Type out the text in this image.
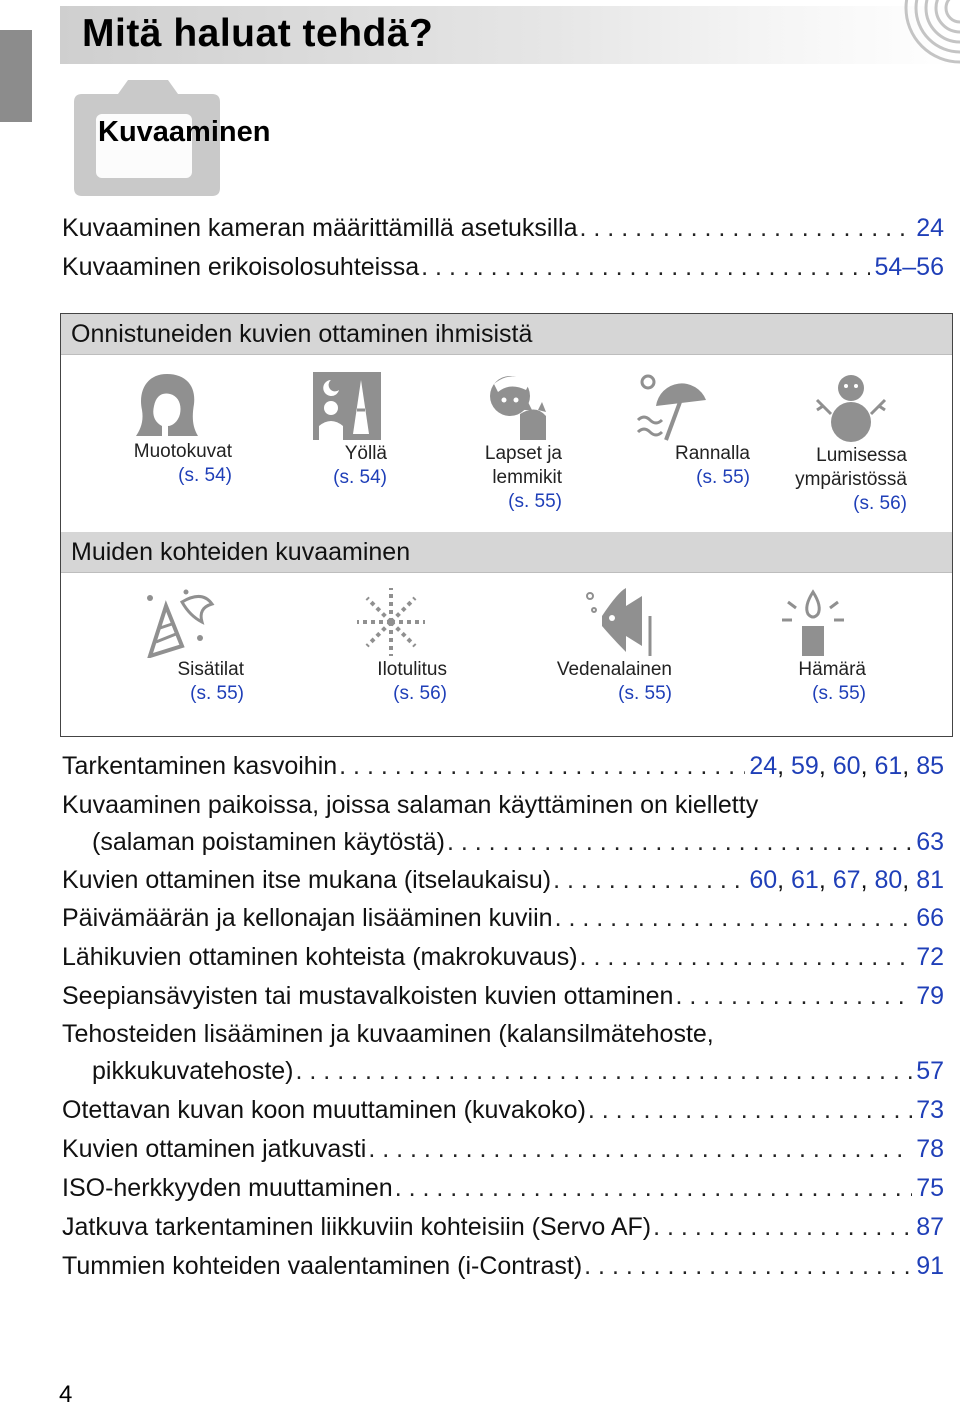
Mitä haluat tehdä?
Kuvaaminen
Kuvaaminen kameran määrittämillä asetuksilla . . .	24
Kuvaaminen erikoisolosuhteissa . . .	54–56
Onnistuneiden kuvien ottaminen ihmisistä
Muotokuvat
(s. 54)
Yöllä
(s. 54)
Lapset ja
lemmikit
(s. 55)
Rannalla
(s. 55)
Lumisessa
ympäristössä
(s. 56)
Muiden kohteiden kuvaaminen
Sisätilat
(s. 55)
Ilotulitus
(s. 56)
Vedenalainen
(s. 55)
Hämärä
(s. 55)
Tarkentaminen kasvoihin . . .	24, 59, 60, 61, 85
Kuvaaminen paikoissa, joissa salaman käyttäminen on kielletty
(salaman poistaminen käytöstä) . . .	63
Kuvien ottaminen itse mukana (itselaukaisu) . . .	60, 61, 67, 80, 81
Päivämäärän ja kellonajan lisääminen kuviin . . .	66
Lähikuvien ottaminen kohteista (makrokuvaus) . . .	72
Seepiansävyisten tai mustavalkoisten kuvien ottaminen . . .	79
Tehosteiden lisääminen ja kuvaaminen (kalansilmätehoste,
pikkukuvatehoste) . . .	57
Otettavan kuvan koon muuttaminen (kuvakoko) . . .	73
Kuvien ottaminen jatkuvasti . . .	78
ISO-herkkyyden muuttaminen . . .	75
Jatkuva tarkentaminen liikkuviin kohteisiin (Servo AF) . . .	87
Tummien kohteiden vaalentaminen (i-Contrast) . . .	91

4
